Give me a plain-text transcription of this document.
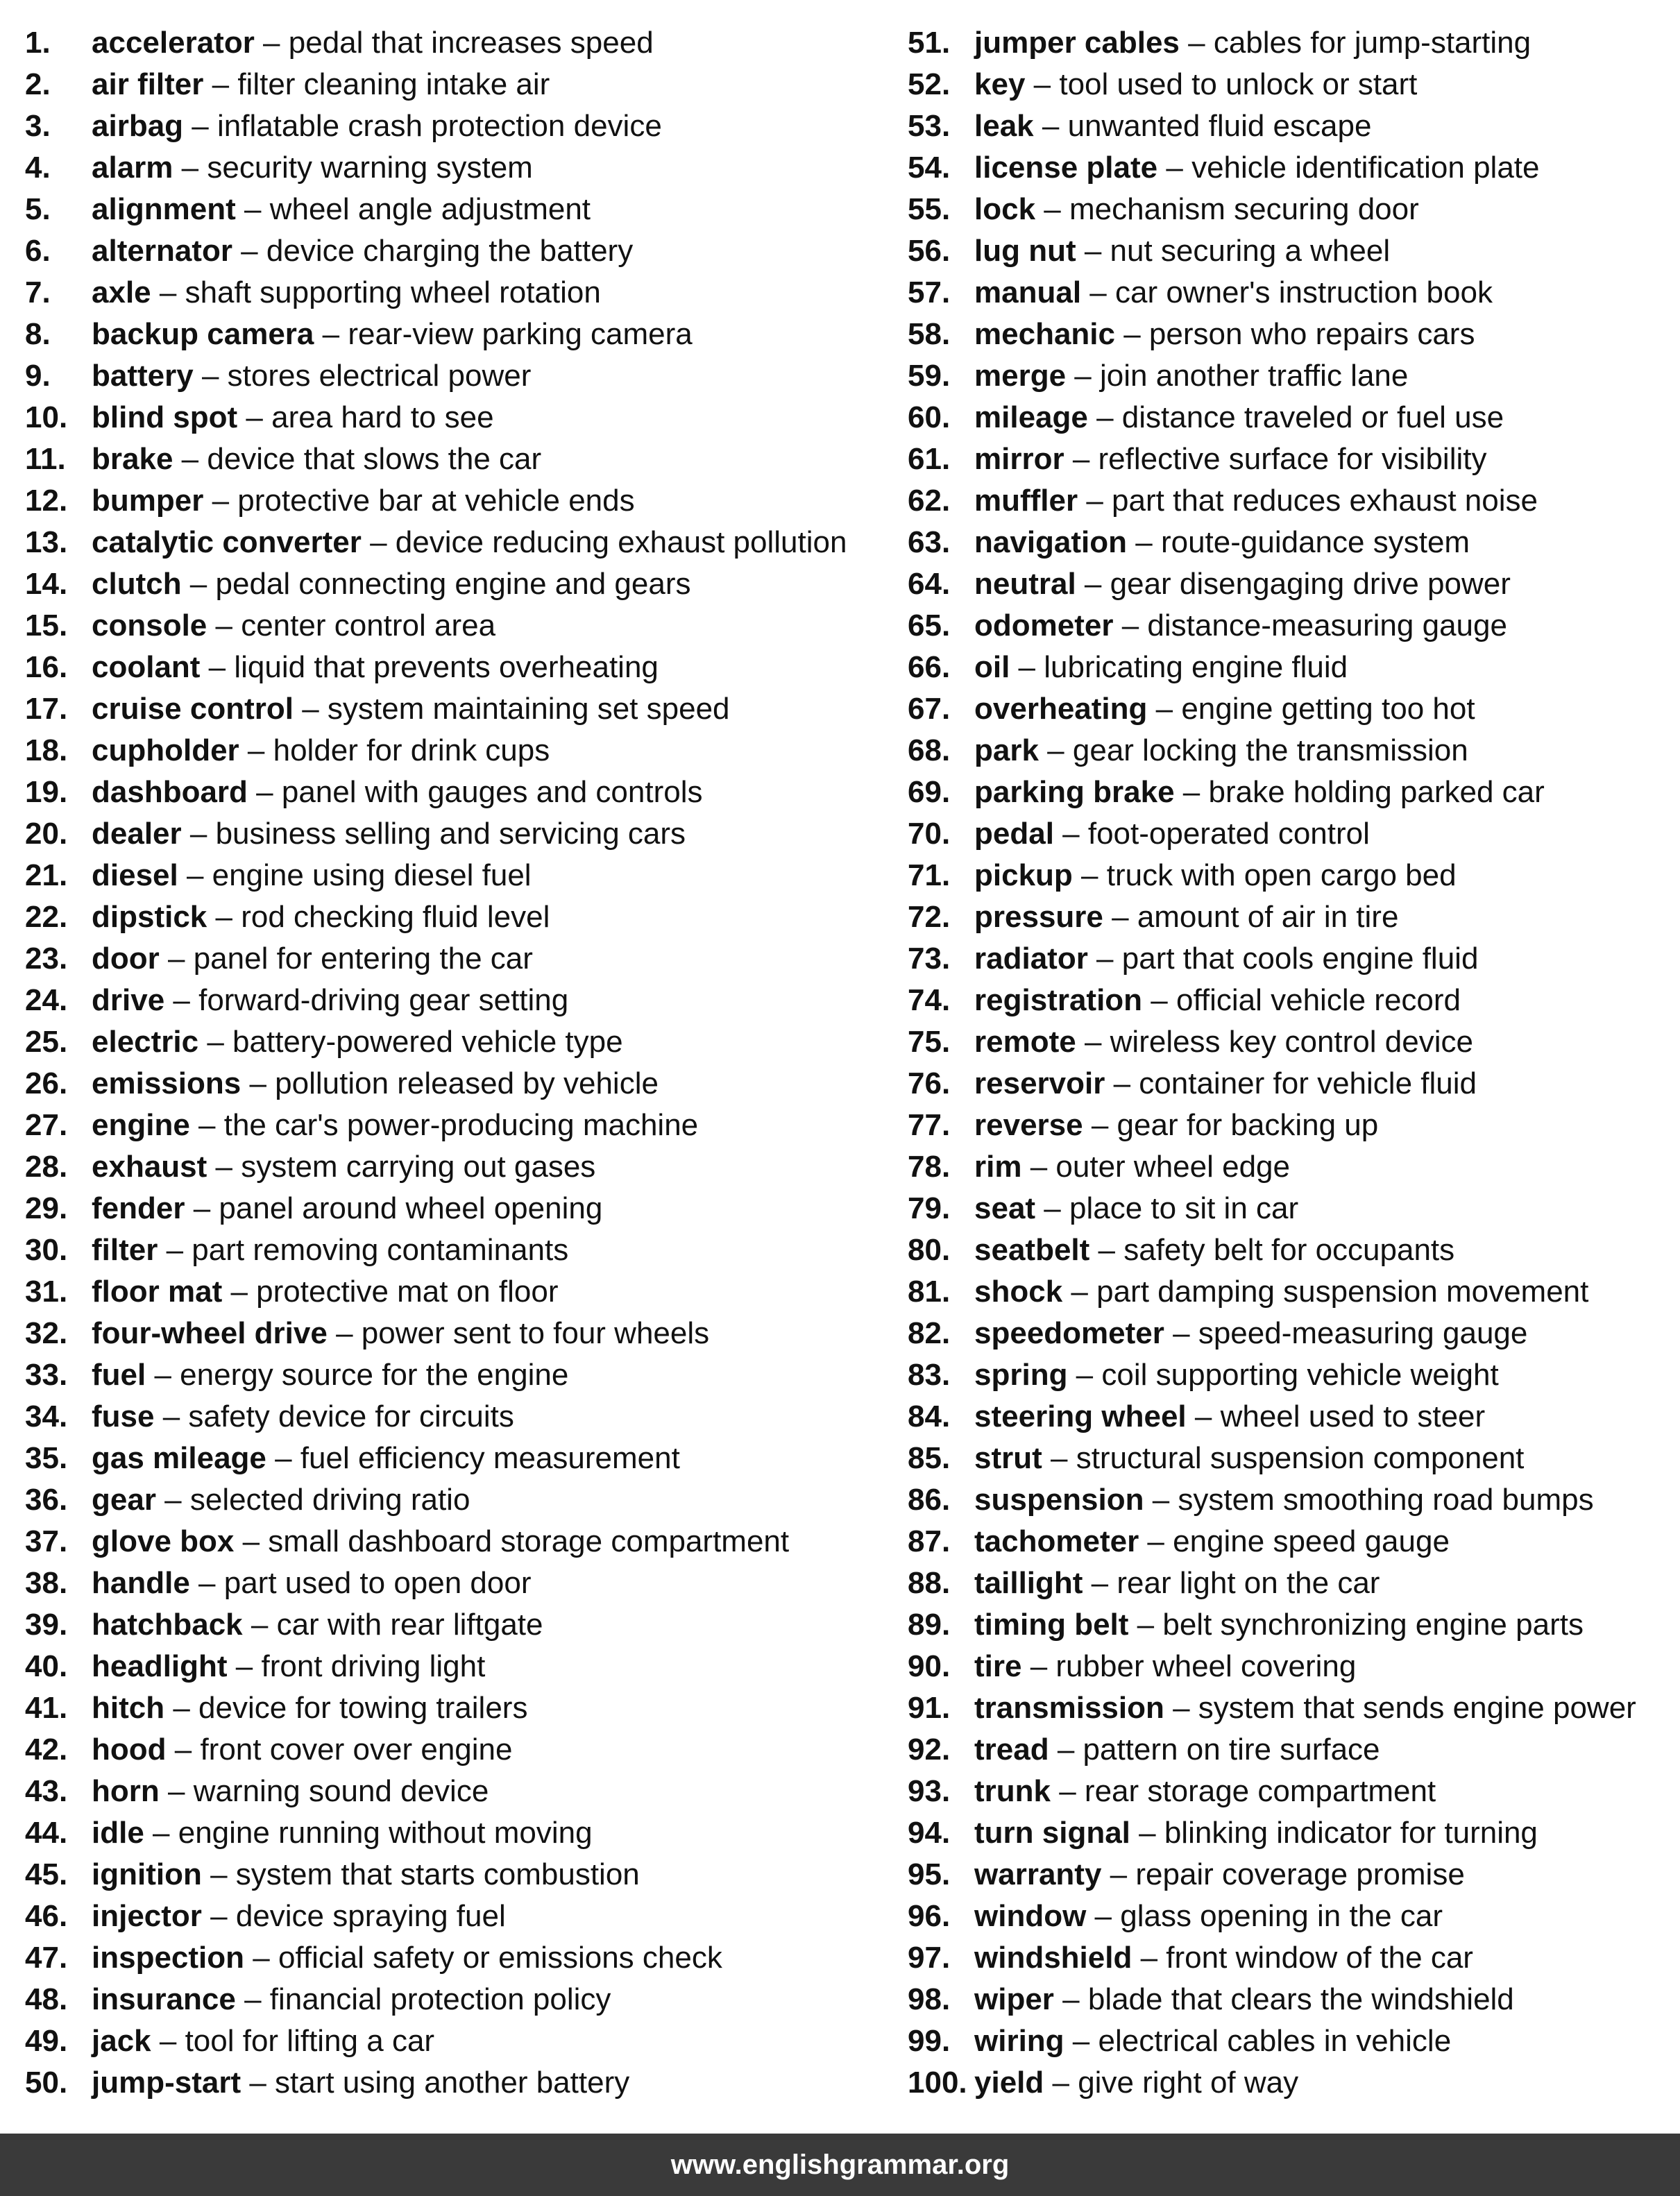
1. accelerator – pedal that increases speed
2. air filter – filter cleaning intake air
3. airbag – inflatable crash protection device
4. alarm – security warning system
5. alignment – wheel angle adjustment
6. alternator – device charging the battery
7. axle – shaft supporting wheel rotation
8. backup camera – rear-view parking camera
9. battery – stores electrical power
10. blind spot – area hard to see
11. brake – device that slows the car
12. bumper – protective bar at vehicle ends
13. catalytic converter – device reducing exhaust pollution
14. clutch – pedal connecting engine and gears
15. console – center control area
16. coolant – liquid that prevents overheating
17. cruise control – system maintaining set speed
18. cupholder – holder for drink cups
19. dashboard – panel with gauges and controls
20. dealer – business selling and servicing cars
21. diesel – engine using diesel fuel
22. dipstick – rod checking fluid level
23. door – panel for entering the car
24. drive – forward-driving gear setting
25. electric – battery-powered vehicle type
26. emissions – pollution released by vehicle
27. engine – the car's power-producing machine
28. exhaust – system carrying out gases
29. fender – panel around wheel opening
30. filter – part removing contaminants
31. floor mat – protective mat on floor
32. four-wheel drive – power sent to four wheels
33. fuel – energy source for the engine
34. fuse – safety device for circuits
35. gas mileage – fuel efficiency measurement
36. gear – selected driving ratio
37. glove box – small dashboard storage compartment
38. handle – part used to open door
39. hatchback – car with rear liftgate
40. headlight – front driving light
41. hitch – device for towing trailers
42. hood – front cover over engine
43. horn – warning sound device
44. idle – engine running without moving
45. ignition – system that starts combustion
46. injector – device spraying fuel
47. inspection – official safety or emissions check
48. insurance – financial protection policy
49. jack – tool for lifting a car
50. jump-start – start using another battery
51. jumper cables – cables for jump-starting
52. key – tool used to unlock or start
53. leak – unwanted fluid escape
54. license plate – vehicle identification plate
55. lock – mechanism securing door
56. lug nut – nut securing a wheel
57. manual – car owner's instruction book
58. mechanic – person who repairs cars
59. merge – join another traffic lane
60. mileage – distance traveled or fuel use
61. mirror – reflective surface for visibility
62. muffler – part that reduces exhaust noise
63. navigation – route-guidance system
64. neutral – gear disengaging drive power
65. odometer – distance-measuring gauge
66. oil – lubricating engine fluid
67. overheating – engine getting too hot
68. park – gear locking the transmission
69. parking brake – brake holding parked car
70. pedal – foot-operated control
71. pickup – truck with open cargo bed
72. pressure – amount of air in tire
73. radiator – part that cools engine fluid
74. registration – official vehicle record
75. remote – wireless key control device
76. reservoir – container for vehicle fluid
77. reverse – gear for backing up
78. rim – outer wheel edge
79. seat – place to sit in car
80. seatbelt – safety belt for occupants
81. shock – part damping suspension movement
82. speedometer – speed-measuring gauge
83. spring – coil supporting vehicle weight
84. steering wheel – wheel used to steer
85. strut – structural suspension component
86. suspension – system smoothing road bumps
87. tachometer – engine speed gauge
88. taillight – rear light on the car
89. timing belt – belt synchronizing engine parts
90. tire – rubber wheel covering
91. transmission – system that sends engine power
92. tread – pattern on tire surface
93. trunk – rear storage compartment
94. turn signal – blinking indicator for turning
95. warranty – repair coverage promise
96. window – glass opening in the car
97. windshield – front window of the car
98. wiper – blade that clears the windshield
99. wiring – electrical cables in vehicle
100. yield – give right of way
www.englishgrammar.org
